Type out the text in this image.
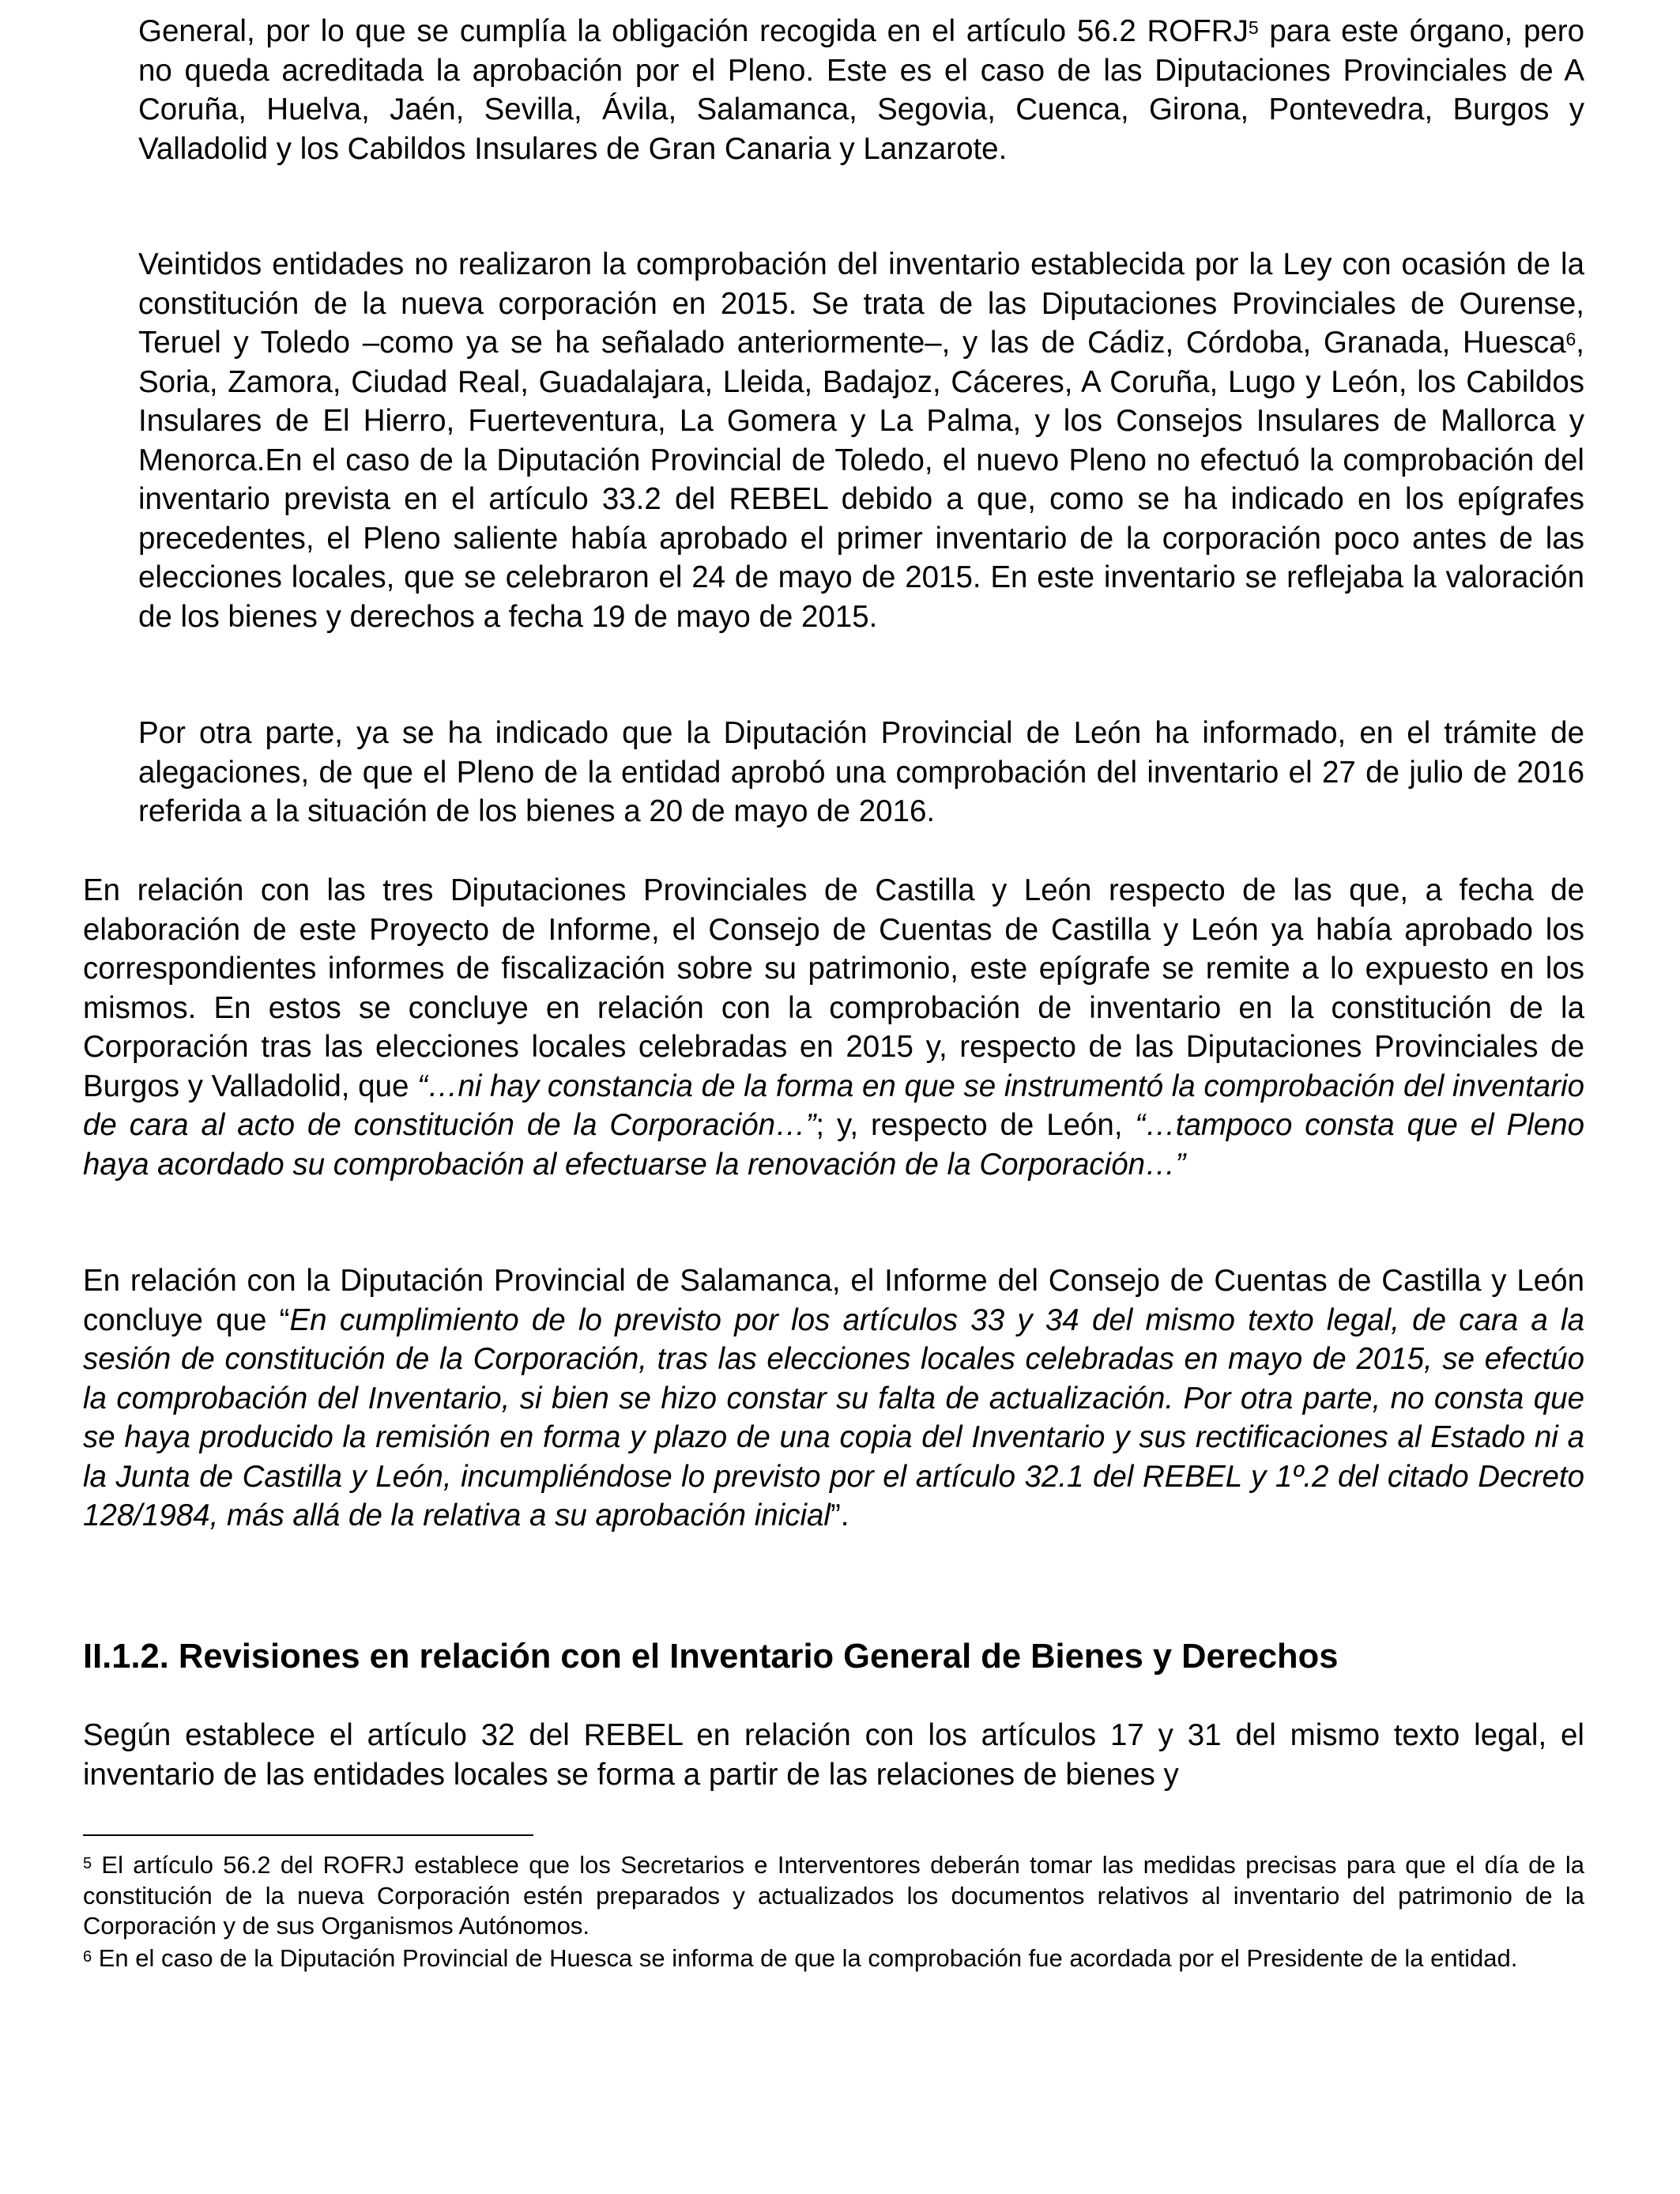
General, por lo que se cumplía la obligación recogida en el artículo 56.2 ROFRJ$^5$ para este órgano, pero no queda acreditada la aprobación por el Pleno. Este es el caso de las Diputaciones Provinciales de A Coruña, Huelva, Jaén, Sevilla, Ávila, Salamanca, Segovia, Cuenca, Girona, Pontevedra, Burgos y Valladolid y los Cabildos Insulares de Gran Canaria y Lanzarote.

Veintidos entidades no realizaron la comprobación del inventario establecida por la Ley con ocasión de la constitución de la nueva corporación en 2015. Se trata de las Diputaciones Provinciales de Ourense, Teruel y Toledo –como ya se ha señalado anteriormente–, y las de Cádiz, Córdoba, Granada, Huesca$^6$, Soria, Zamora, Ciudad Real, Guadalajara, Lleida, Badajoz, Cáceres, A Coruña, Lugo y León, los Cabildos Insulares de El Hierro, Fuerteventura, La Gomera y La Palma, y los Consejos Insulares de Mallorca y Menorca.En el caso de la Diputación Provincial de Toledo, el nuevo Pleno no efectuó la comprobación del inventario prevista en el artículo 33.2 del REBEL debido a que, como se ha indicado en los epígrafes precedentes, el Pleno saliente había aprobado el primer inventario de la corporación poco antes de las elecciones locales, que se celebraron el 24 de mayo de 2015. En este inventario se reflejaba la valoración de los bienes y derechos a fecha 19 de mayo de 2015.

Por otra parte, ya se ha indicado que la Diputación Provincial de León ha informado, en el trámite de alegaciones, de que el Pleno de la entidad aprobó una comprobación del inventario el 27 de julio de 2016 referida a la situación de los bienes a 20 de mayo de 2016.

En relación con las tres Diputaciones Provinciales de Castilla y León respecto de las que, a fecha de elaboración de este Proyecto de Informe, el Consejo de Cuentas de Castilla y León ya había aprobado los correspondientes informes de fiscalización sobre su patrimonio, este epígrafe se remite a lo expuesto en los mismos. En estos se concluye en relación con la comprobación de inventario en la constitución de la Corporación tras las elecciones locales celebradas en 2015 y, respecto de las Diputaciones Provinciales de Burgos y Valladolid, que “…ni hay constancia de la forma en que se instrumentó la comprobación del inventario de cara al acto de constitución de la Corporación…”; y, respecto de León, “…tampoco consta que el Pleno haya acordado su comprobación al efectuarse la renovación de la Corporación…”

En relación con la Diputación Provincial de Salamanca, el Informe del Consejo de Cuentas de Castilla y León concluye que “En cumplimiento de lo previsto por los artículos 33 y 34 del mismo texto legal, de cara a la sesión de constitución de la Corporación, tras las elecciones locales celebradas en mayo de 2015, se efectúo la comprobación del Inventario, si bien se hizo constar su falta de actualización. Por otra parte, no consta que se haya producido la remisión en forma y plazo de una copia del Inventario y sus rectificaciones al Estado ni a la Junta de Castilla y León, incumpliéndose lo previsto por el artículo 32.1 del REBEL y 1º.2 del citado Decreto 128/1984, más allá de la relativa a su aprobación inicial”.

II.1.2. Revisiones en relación con el Inventario General de Bienes y Derechos

Según establece el artículo 32 del REBEL en relación con los artículos 17 y 31 del mismo texto legal, el inventario de las entidades locales se forma a partir de las relaciones de bienes y

$^5$ El artículo 56.2 del ROFRJ establece que los Secretarios e Interventores deberán tomar las medidas precisas para que el día de la constitución de la nueva Corporación estén preparados y actualizados los documentos relativos al inventario del patrimonio de la Corporación y de sus Organismos Autónomos.

$^6$ En el caso de la Diputación Provincial de Huesca se informa de que la comprobación fue acordada por el Presidente de la entidad.
